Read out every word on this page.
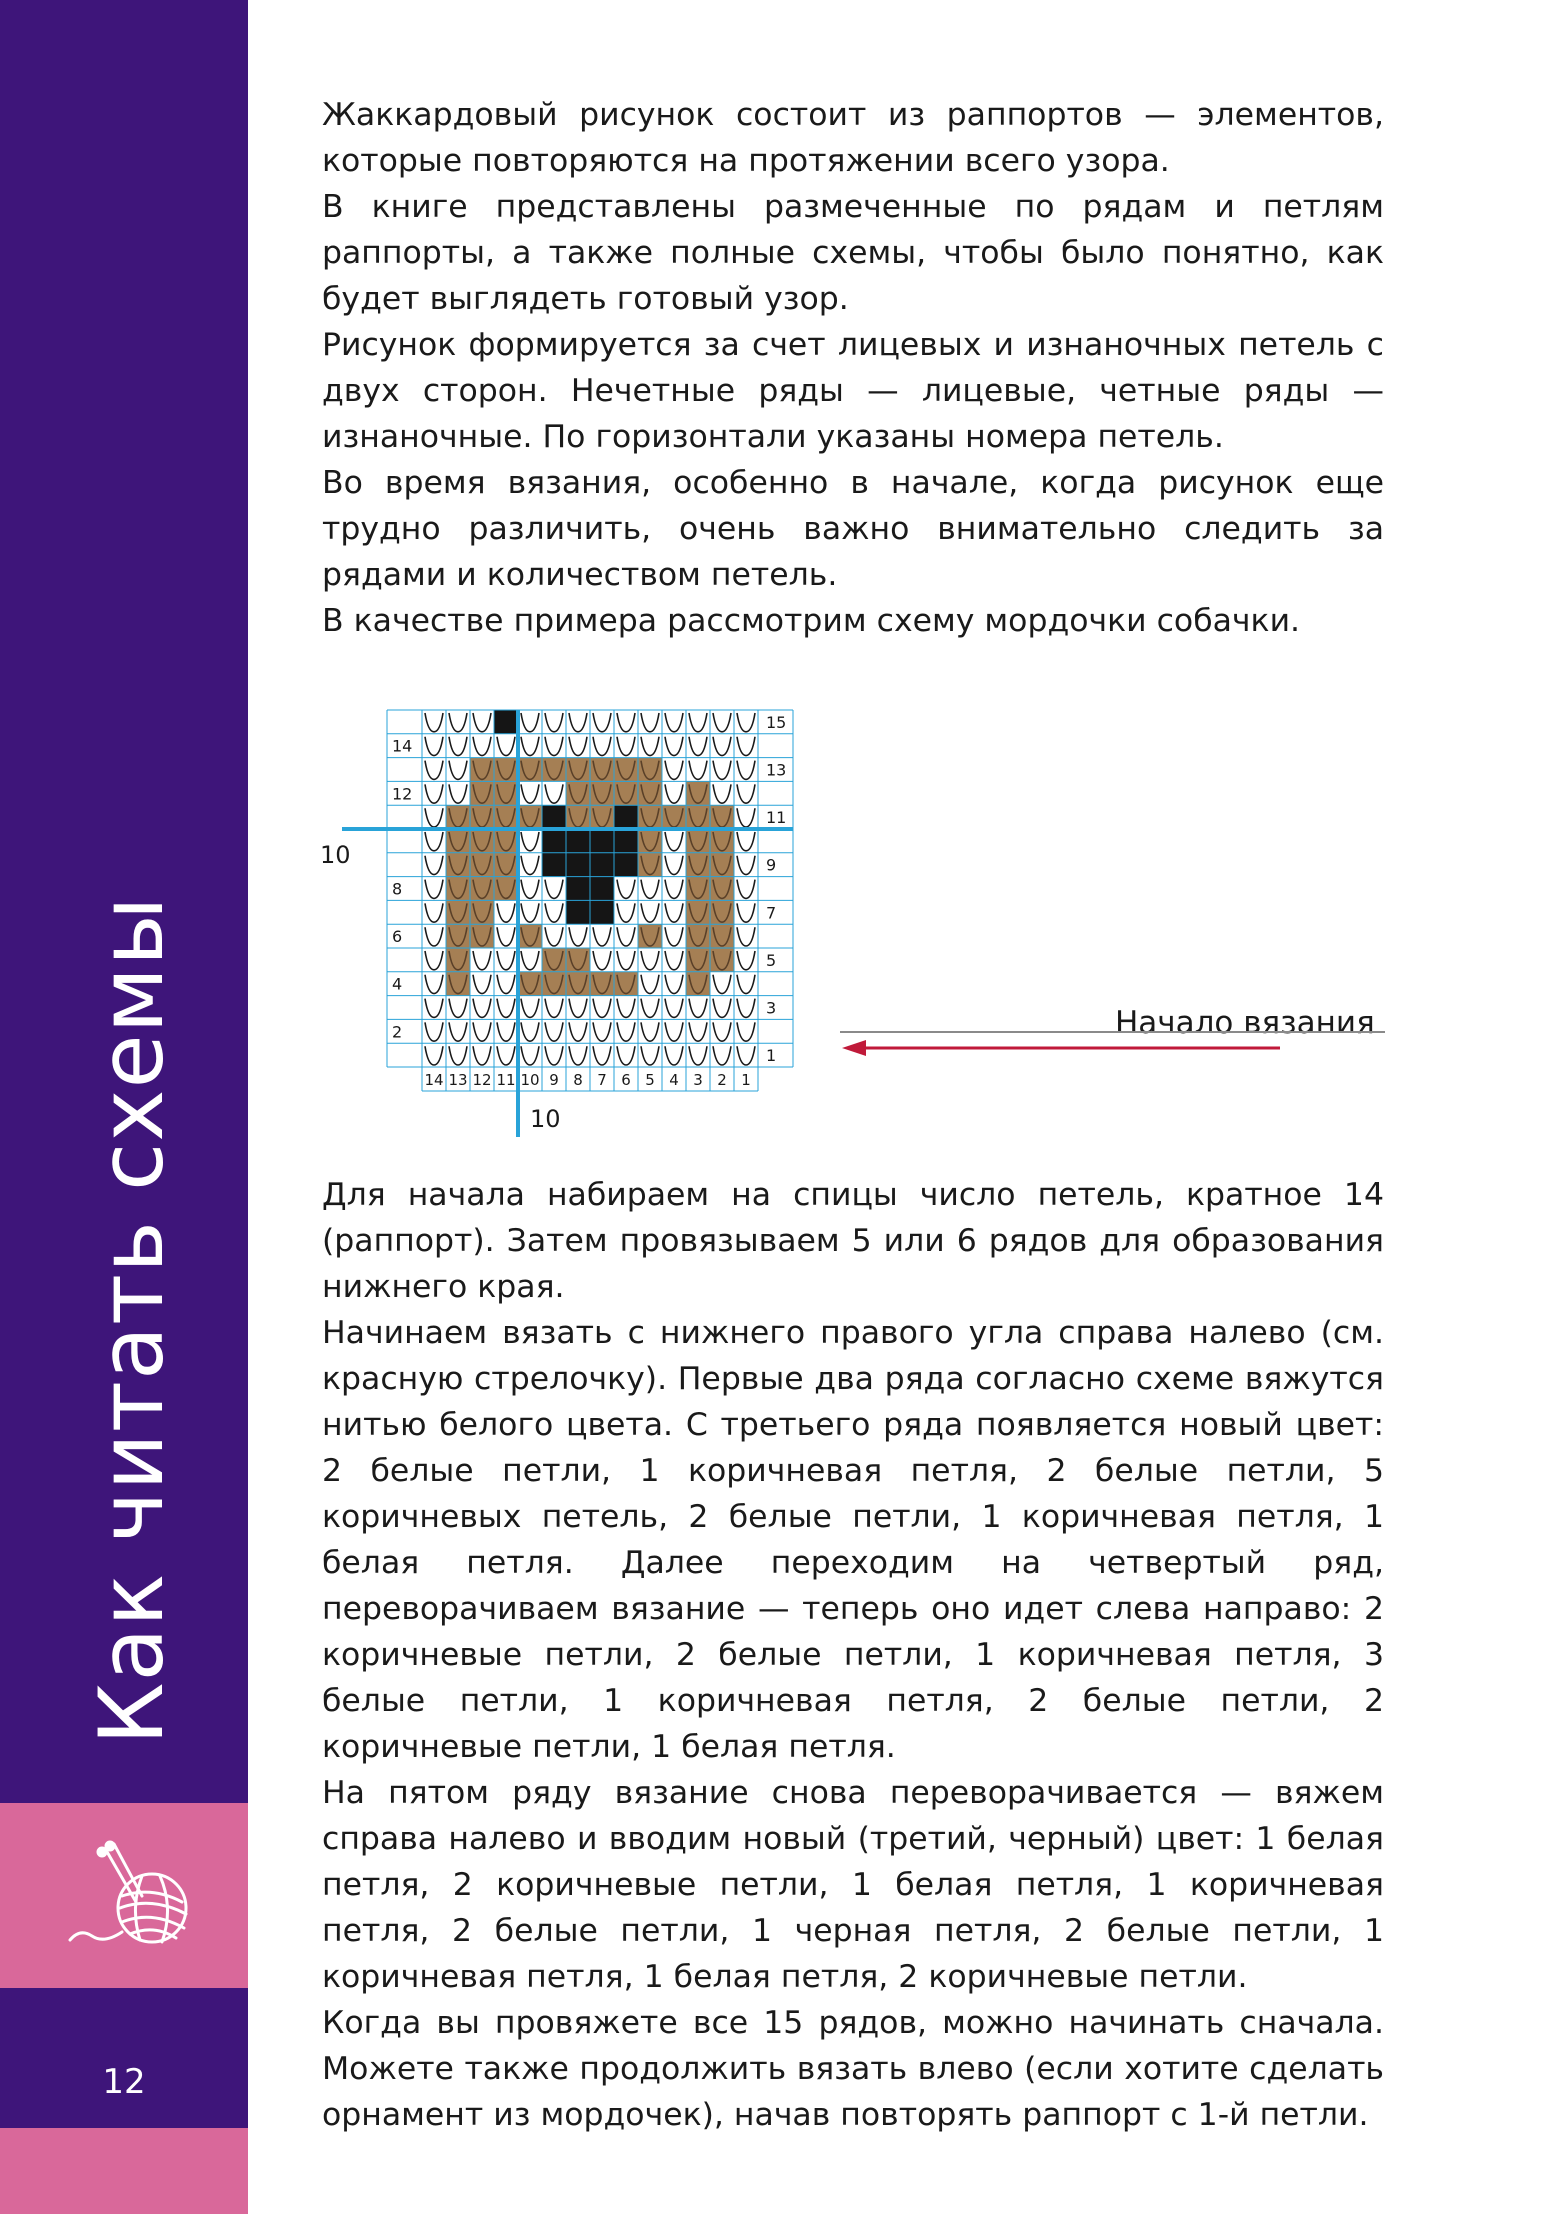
Как читать схемы
12
Жаккардовый рисунок состоит из раппортов — элементов, которые повторяются на протяжении всего узора.
В книге представлены размеченные по рядам и петлям раппорты, а также полные схемы, чтобы было понятно, как будет выглядеть готовый узор.
Рисунок формируется за счет лицевых и изнаночных петель с двух сторон. Нечетные ряды — лицевые, четные ряды — изнаночные. По горизонтали указаны номера петель.
Во время вязания, особенно в начале, когда рисунок еще трудно различить, очень важно внимательно следить за рядами и количеством петель.
В качестве примера рассмотрим схему мордочки собачки.
14 13 12 11 10 9 8 7 6 5 4 3 2 1
15
13
11
9
7
5
3
1
14
12
8
6
4
2
10
10
Начало вязания
Для начала набираем на спицы число петель, кратное 14 (раппорт). Затем провязываем 5 или 6 рядов для образования нижнего края.
Начинаем вязать с нижнего правого угла справа налево (см. красную стрелочку). Первые два ряда согласно схеме вяжутся нитью белого цвета. С третьего ряда появляется новый цвет: 2 белые петли, 1 коричневая петля, 2 белые петли, 5 коричневых петель, 2 белые петли, 1 коричневая петля, 1 белая петля. Далее переходим на четвертый ряд, переворачиваем вязание — теперь оно идет слева направо: 2 коричневые петли, 2 белые петли, 1 коричневая петля, 3 белые петли, 1 коричневая петля, 2 белые петли, 2 коричневые петли, 1 белая петля.
На пятом ряду вязание снова переворачивается — вяжем справа налево и вводим новый (третий, черный) цвет: 1 белая петля, 2 коричневые петли, 1 белая петля, 1 коричневая петля, 2 белые петли, 1 черная петля, 2 белые петли, 1 коричневая петля, 1 белая петля, 2 коричневые петли.
Когда вы провяжете все 15 рядов, можно начинать сначала. Можете также продолжить вязать влево (если хотите сделать орнамент из мордочек), начав повторять раппорт с 1-й петли.
